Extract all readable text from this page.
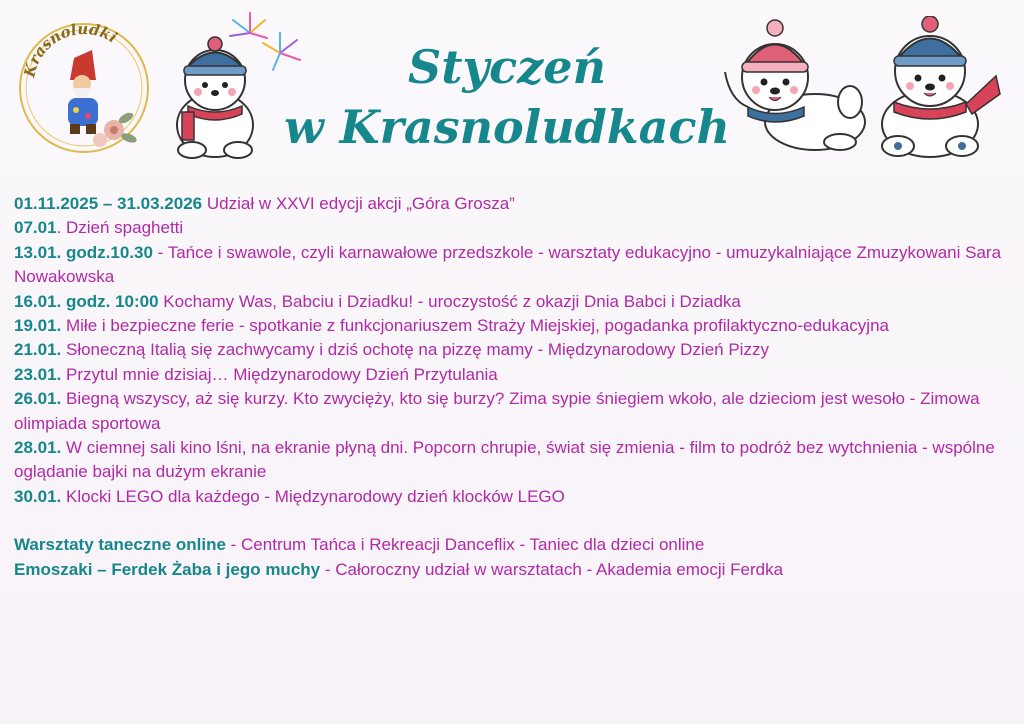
Krasnoludki
Styczeń
w Krasnoludkach

01.11.2025 – 31.03.2026 Udział w XXVI edycji akcji „Góra Grosza”

07.01. Dzień spaghetti

13.01. godz.10.30 - Tańce i swawole, czyli karnawałowe przedszkole - warsztaty edukacyjno - umuzykalniające Zmuzykowani Sara Nowakowska

16.01. godz. 10:00 Kochamy Was, Babciu i Dziadku! - uroczystość z okazji Dnia Babci i Dziadka

19.01. Miłe i bezpieczne ferie - spotkanie z funkcjonariuszem Straży Miejskiej, pogadanka profilaktyczno-edukacyjna

21.01. Słoneczną Italią się zachwycamy i dziś ochotę na pizzę mamy - Międzynarodowy Dzień Pizzy

23.01. Przytul mnie dzisiaj… Międzynarodowy Dzień Przytulania

26.01. Biegną wszyscy, aż się kurzy. Kto zwycięży, kto się burzy? Zima sypie śniegiem wkoło, ale dzieciom jest wesoło - Zimowa olimpiada sportowa

28.01. W ciemnej sali kino lśni, na ekranie płyną dni. Popcorn chrupie, świat się zmienia - film to podróż bez wytchnienia - wspólne oglądanie bajki na dużym ekranie

30.01. Klocki LEGO dla każdego - Międzynarodowy dzień klocków LEGO

Warsztaty taneczne online - Centrum Tańca i Rekreacji Danceflix - Taniec dla dzieci online

Emoszaki – Ferdek Żaba i jego muchy - Całoroczny udział w warsztatach - Akademia emocji Ferdka
